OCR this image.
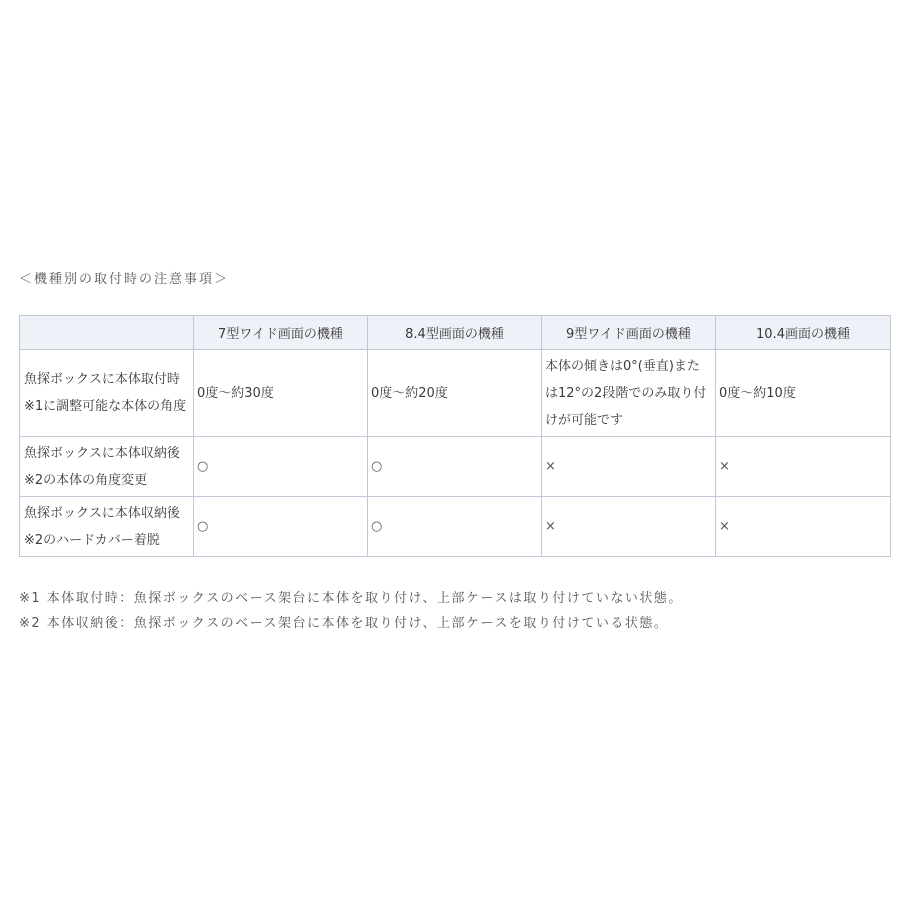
＜機種別の取付時の注意事項＞
	7型ワイド画面の機種	8.4型画面の機種	9型ワイド画面の機種	10.4画面の機種
魚探ボックスに本体取付時※1に調整可能な本体の角度	0度〜約30度	0度〜約20度	本体の傾きは0°(垂直)または12°の2段階でのみ取り付けが可能です	0度〜約10度
魚探ボックスに本体収納後※2の本体の角度変更	○	○	×	×
魚探ボックスに本体収納後※2のハードカバー着脱	○	○	×	×
※1 本体取付時：魚探ボックスのベース架台に本体を取り付け、上部ケースは取り付けていない状態。
※2 本体収納後：魚探ボックスのベース架台に本体を取り付け、上部ケースを取り付けている状態。
